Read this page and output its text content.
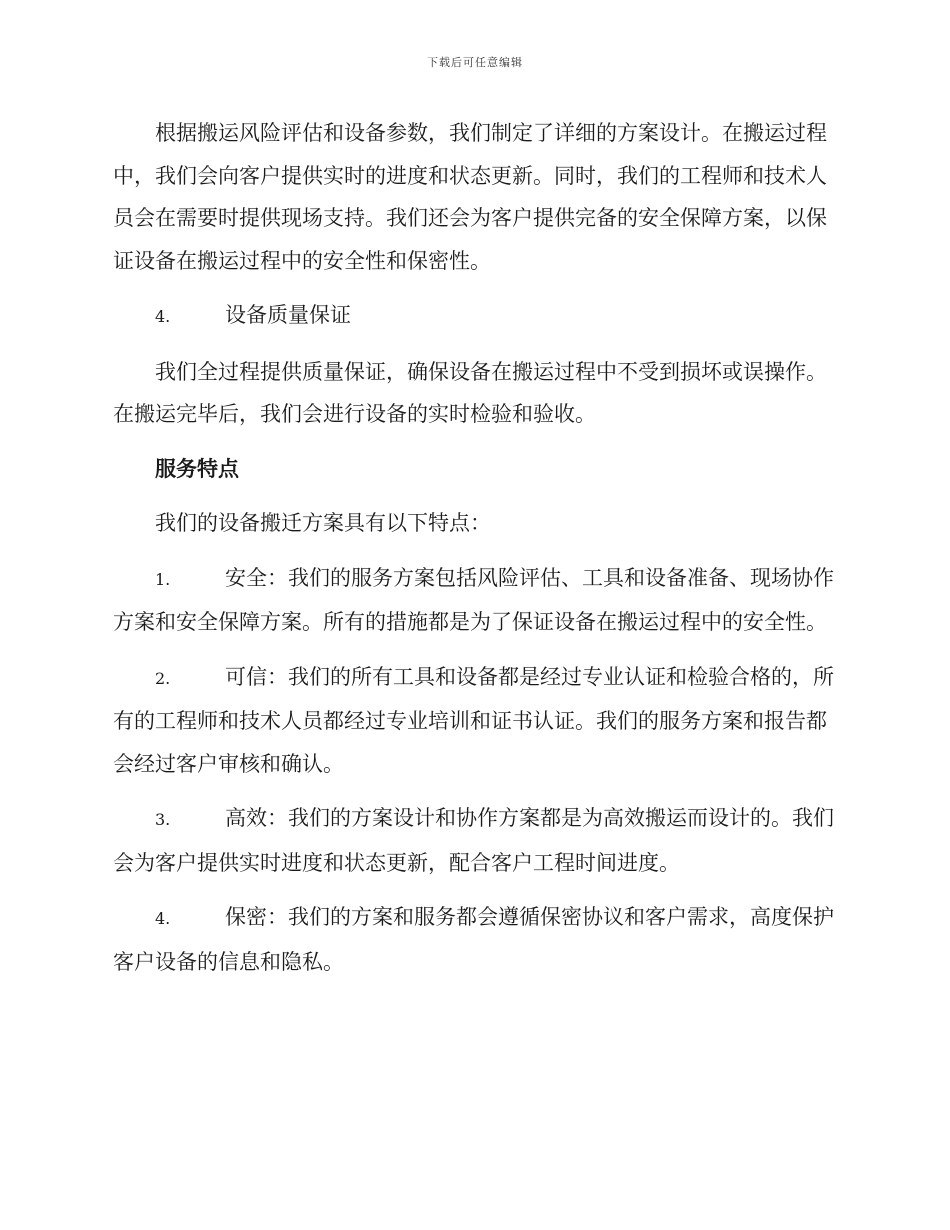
下载后可任意编辑

根据搬运风险评估和设备参数，我们制定了详细的方案设计。在搬运过程中，我们会向客户提供实时的进度和状态更新。同时，我们的工程师和技术人员会在需要时提供现场支持。我们还会为客户提供完备的安全保障方案，以保证设备在搬运过程中的安全性和保密性。

4.	设备质量保证

我们全过程提供质量保证，确保设备在搬运过程中不受到损坏或误操作。在搬运完毕后，我们会进行设备的实时检验和验收。

服务特点

我们的设备搬迁方案具有以下特点：

1.	安全：我们的服务方案包括风险评估、工具和设备准备、现场协作方案和安全保障方案。所有的措施都是为了保证设备在搬运过程中的安全性。

2.	可信：我们的所有工具和设备都是经过专业认证和检验合格的，所有的工程师和技术人员都经过专业培训和证书认证。我们的服务方案和报告都会经过客户审核和确认。

3.	高效：我们的方案设计和协作方案都是为高效搬运而设计的。我们会为客户提供实时进度和状态更新，配合客户工程时间进度。

4.	保密：我们的方案和服务都会遵循保密协议和客户需求，高度保护客户设备的信息和隐私。
